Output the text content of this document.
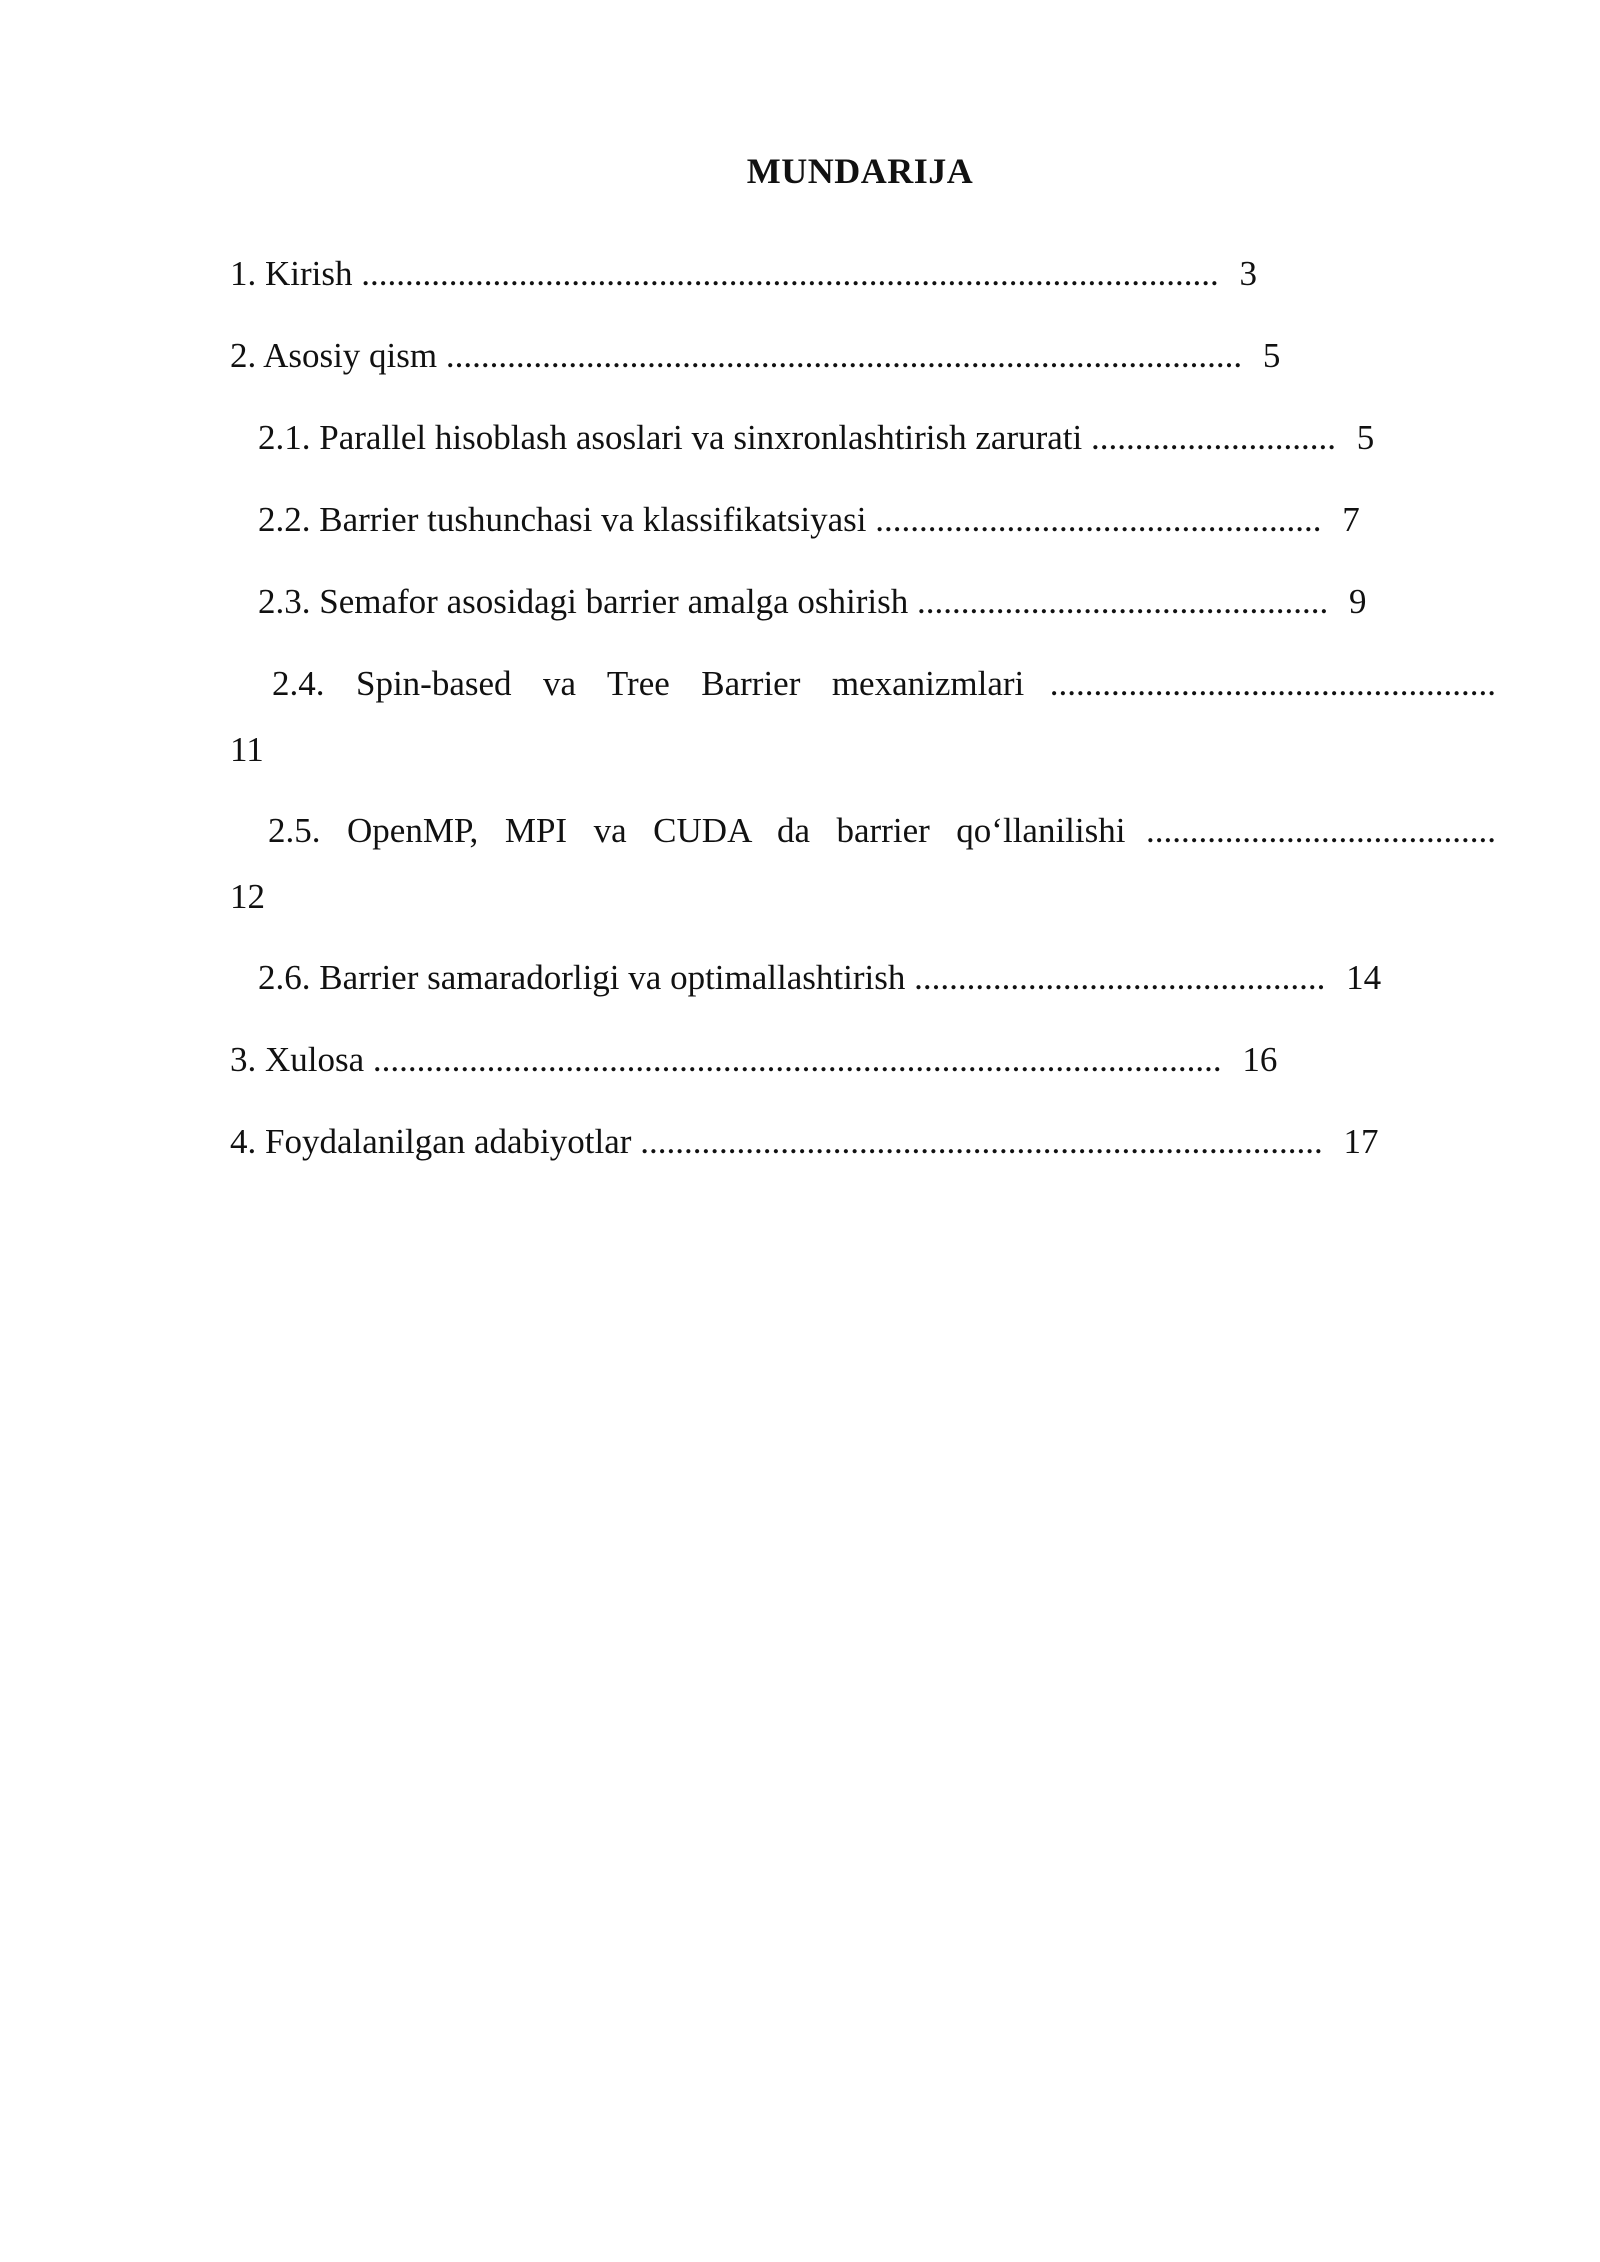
MUNDARIJA
1. Kirish .................................................................................................. 3
2. Asosiy qism ........................................................................................... 5
2.1. Parallel hisoblash asoslari va sinxronlashtirish zarurati ............................ 5
2.2. Barrier tushunchasi va klassifikatsiyasi ................................................... 7
2.3. Semafor asosidagi barrier amalga oshirish ............................................... 9
2.4. Spin-based va Tree Barrier mexanizmlari ...................................................
11
2.5. OpenMP, MPI va CUDA da barrier qo‘llanilishi ........................................
12
2.6. Barrier samaradorligi va optimallashtirish ............................................... 14
3. Xulosa ................................................................................................. 16
4. Foydalanilgan adabiyotlar .............................................................................. 17
